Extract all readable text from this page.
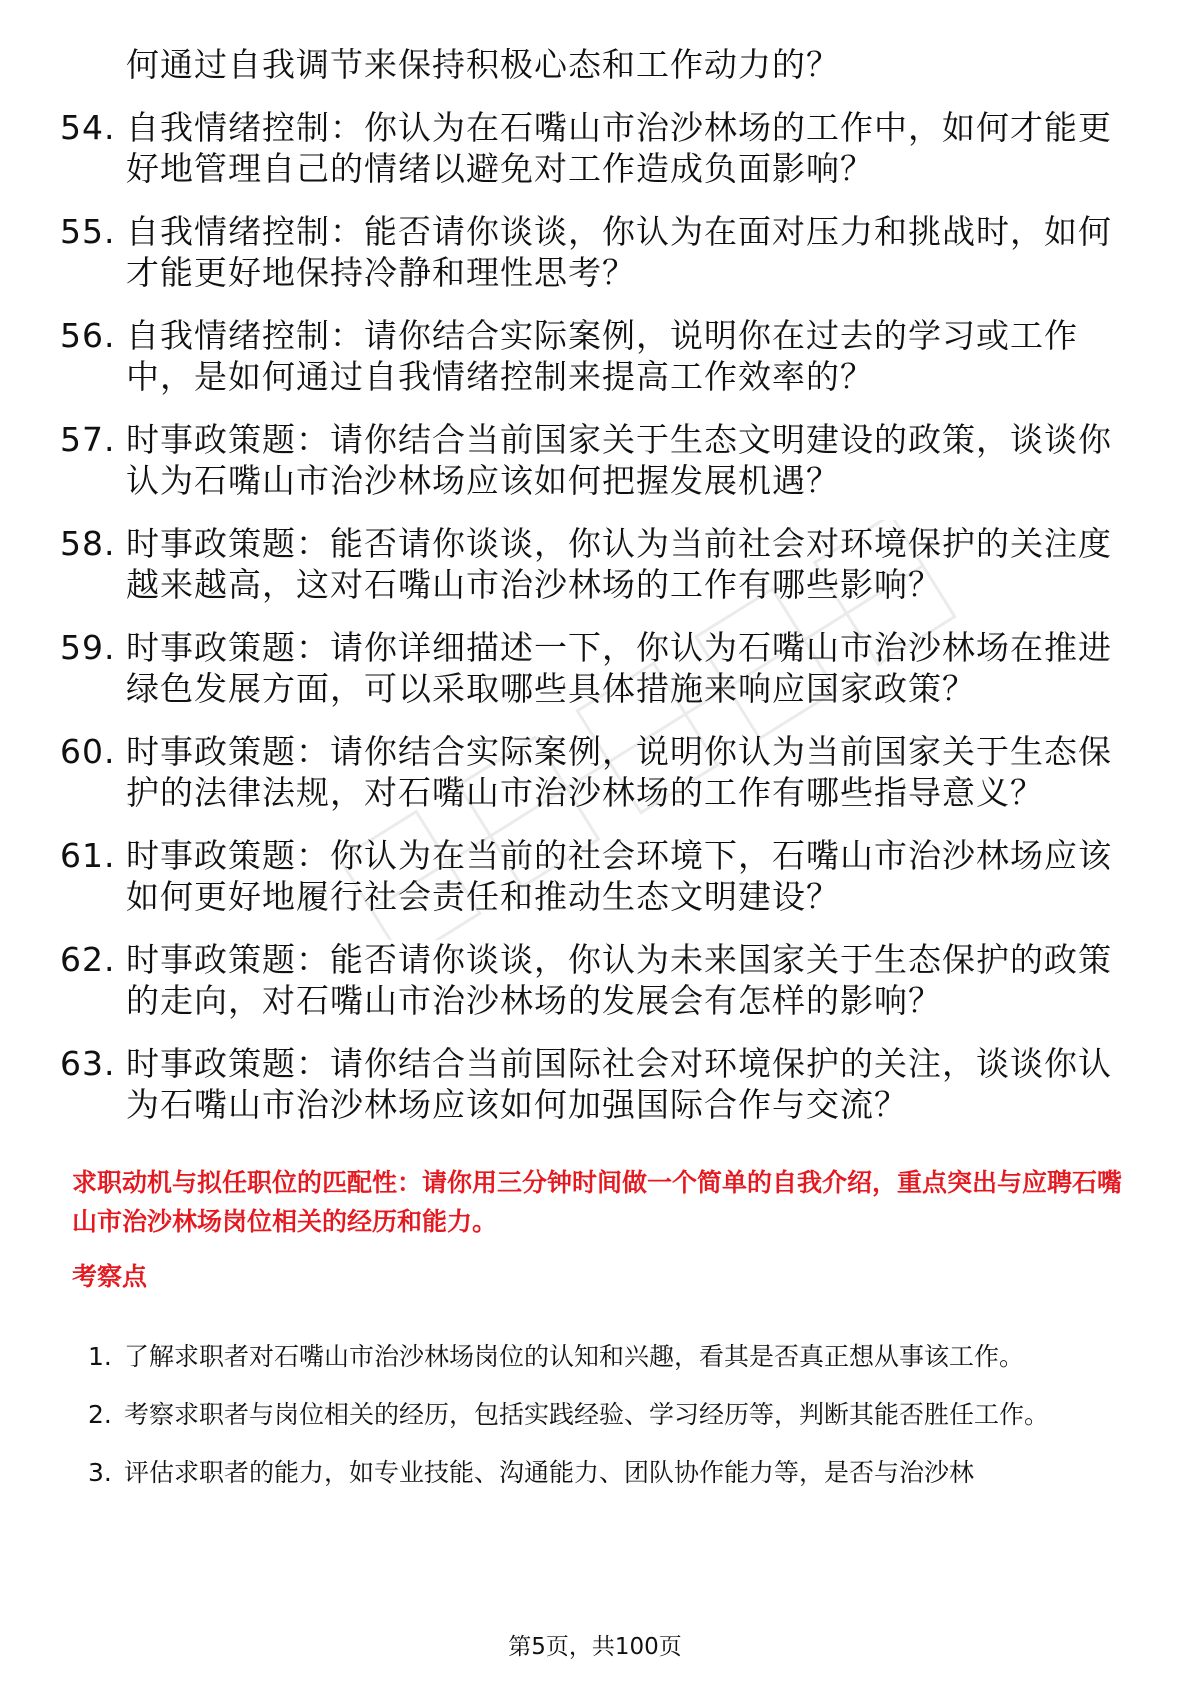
何通过自我调节来保持积极心态和工作动力的？
54. 自我情绪控制：你认为在石嘴山市治沙林场的工作中，如何才能更好地管理自己的情绪以避免对工作造成负面影响？
55. 自我情绪控制：能否请你谈谈，你认为在面对压力和挑战时，如何才能更好地保持冷静和理性思考？
56. 自我情绪控制：请你结合实际案例，说明你在过去的学习或工作中，是如何通过自我情绪控制来提高工作效率的？
57. 时事政策题：请你结合当前国家关于生态文明建设的政策，谈谈你认为石嘴山市治沙林场应该如何把握发展机遇？
58. 时事政策题：能否请你谈谈，你认为当前社会对环境保护的关注度越来越高，这对石嘴山市治沙林场的工作有哪些影响？
59. 时事政策题：请你详细描述一下，你认为石嘴山市治沙林场在推进绿色发展方面，可以采取哪些具体措施来响应国家政策？
60. 时事政策题：请你结合实际案例，说明你认为当前国家关于生态保护的法律法规，对石嘴山市治沙林场的工作有哪些指导意义？
61. 时事政策题：你认为在当前的社会环境下，石嘴山市治沙林场应该如何更好地履行社会责任和推动生态文明建设？
62. 时事政策题：能否请你谈谈，你认为未来国家关于生态保护的政策的走向，对石嘴山市治沙林场的发展会有怎样的影响？
63. 时事政策题：请你结合当前国际社会对环境保护的关注，谈谈你认为石嘴山市治沙林场应该如何加强国际合作与交流？

求职动机与拟任职位的匹配性：请你用三分钟时间做一个简单的自我介绍，重点突出与应聘石嘴山市治沙林场岗位相关的经历和能力。

考察点

1. 了解求职者对石嘴山市治沙林场岗位的认知和兴趣，看其是否真正想从事该工作。
2. 考察求职者与岗位相关的经历，包括实践经验、学习经历等，判断其能否胜任工作。
3. 评估求职者的能力，如专业技能、沟通能力、团队协作能力等，是否与治沙林
第5页，共100页
